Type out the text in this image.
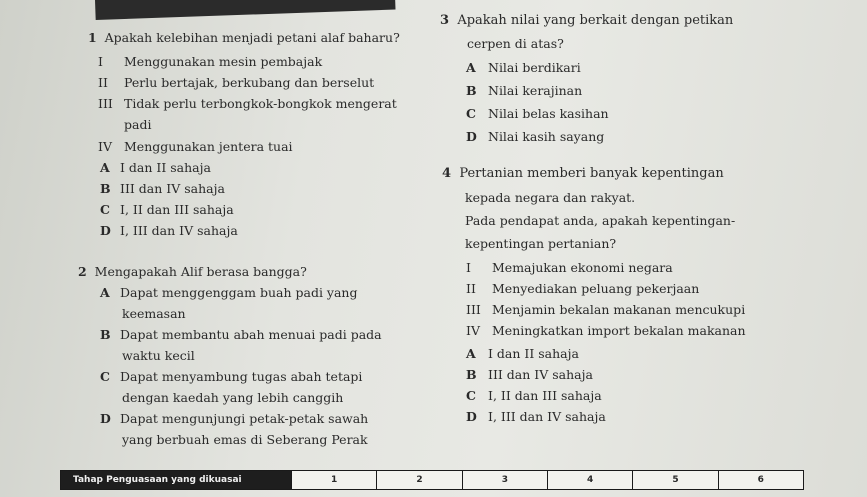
1 Apakah kelebihan menjadi petani alaf baharu?
I Menggunakan mesin pembajak
II Perlu bertajak, berkubang dan berselut
III Tidak perlu terbongkok-bongkok mengerat
padi
IV Menggunakan jentera tuai
A I dan II sahaja
B III dan IV sahaja
C I, II dan III sahaja
D I, III dan IV sahaja
2 Mengapakah Alif berasa bangga?
A Dapat menggenggam buah padi yang
keemasan
B Dapat membantu abah menuai padi pada
waktu kecil
C Dapat menyambung tugas abah tetapi
dengan kaedah yang lebih canggih
D Dapat mengunjungi petak-petak sawah
yang berbuah emas di Seberang Perak
3 Apakah nilai yang berkait dengan petikan
cerpen di atas?
A Nilai berdikari
B Nilai kerajinan
C Nilai belas kasihan
D Nilai kasih sayang
4 Pertanian memberi banyak kepentingan
kepada negara dan rakyat.
Pada pendapat anda, apakah kepentingan-
kepentingan pertanian?
I Memajukan ekonomi negara
II Menyediakan peluang pekerjaan
III Menjamin bekalan makanan mencukupi
IV Meningkatkan import bekalan makanan
A I dan II sahaja
B III dan IV sahaja
C I, II dan III sahaja
D I, III dan IV sahaja
Tahap Penguasaan yang dikuasai	1	2	3	4	5	6
